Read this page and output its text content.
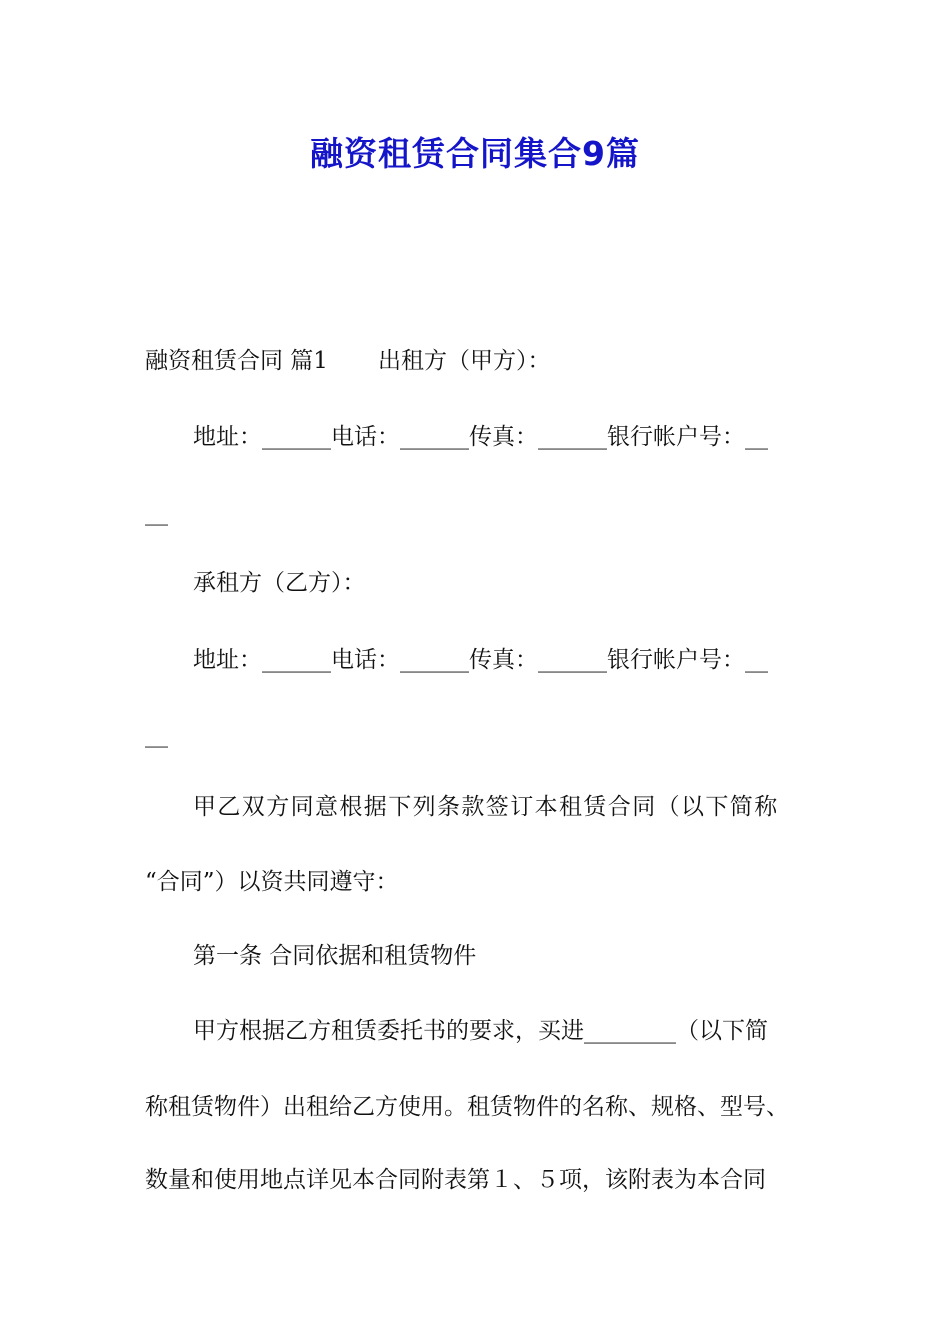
融资租赁合同集合9篇

融资租赁合同 篇1 出租方（甲方）：

地址：______电话：______传真：______银行帐户号：__

__

承租方（乙方）：

地址：______电话：______传真：______银行帐户号：__

__

甲乙双方同意根据下列条款签订本租赁合同（以下简称

“合同”）以资共同遵守：

第一条 合同依据和租赁物件

甲方根据乙方租赁委托书的要求，买进________（以下简

称租赁物件）出租给乙方使用。租赁物件的名称、规格、型号、

数量和使用地点详见本合同附表第１、５项，该附表为本合同
